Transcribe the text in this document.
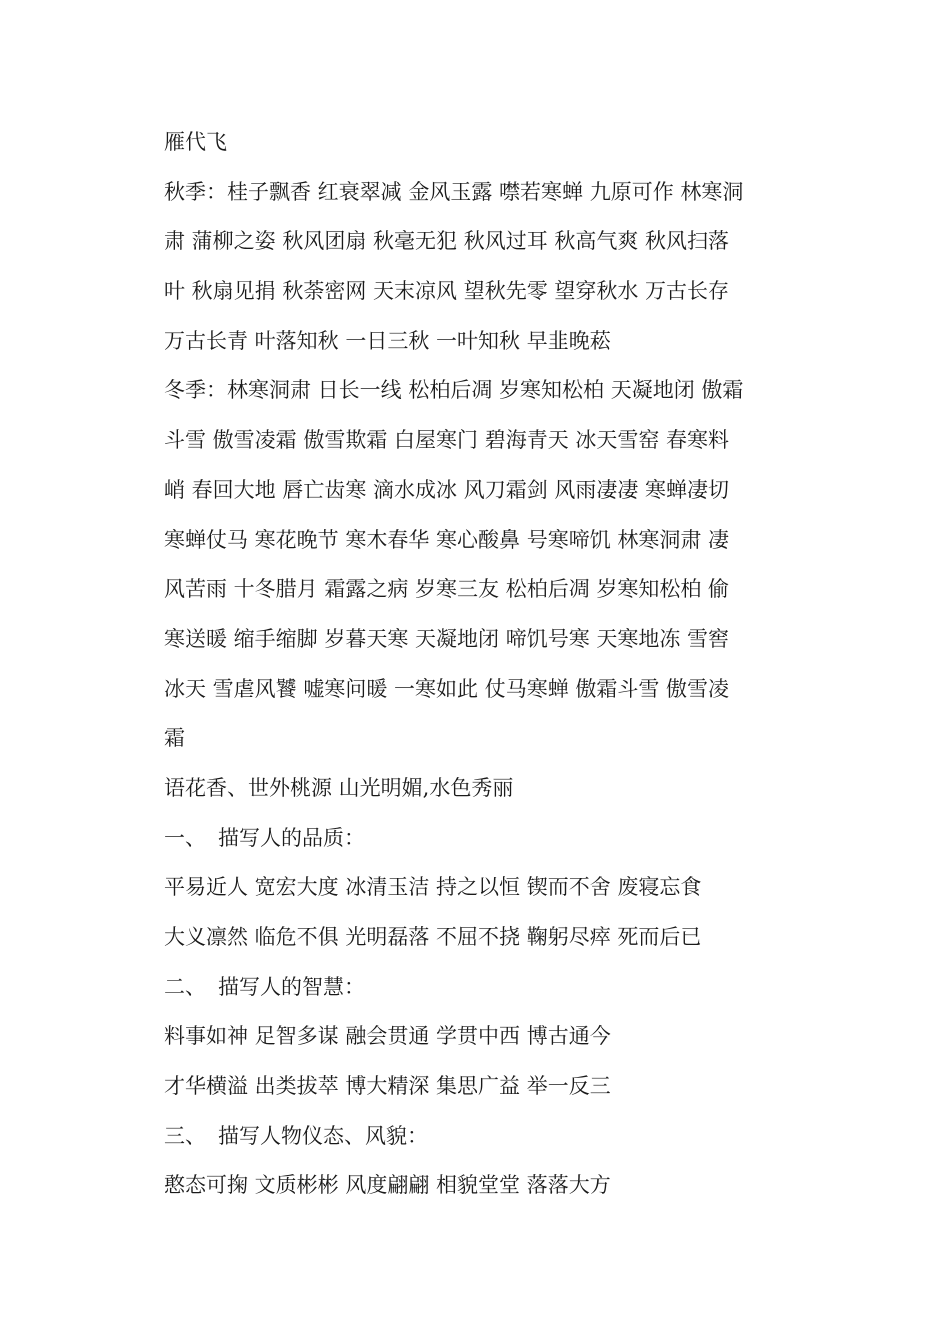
雁代飞
秋季：桂子飘香 红衰翠减 金风玉露 噤若寒蝉 九原可作 林寒洞
肃 蒲柳之姿 秋风团扇 秋毫无犯 秋风过耳 秋高气爽 秋风扫落
叶 秋扇见捐 秋荼密网 天末凉风 望秋先零 望穿秋水 万古长存
万古长青 叶落知秋 一日三秋 一叶知秋 早韭晚菘
冬季：林寒洞肃 日长一线 松柏后凋 岁寒知松柏 天凝地闭 傲霜
斗雪 傲雪凌霜 傲雪欺霜 白屋寒门 碧海青天 冰天雪窑 春寒料
峭 春回大地 唇亡齿寒 滴水成冰 风刀霜剑 风雨凄凄 寒蝉凄切
寒蝉仗马 寒花晚节 寒木春华 寒心酸鼻 号寒啼饥 林寒洞肃 凄
风苦雨 十冬腊月 霜露之病 岁寒三友 松柏后凋 岁寒知松柏 偷
寒送暖 缩手缩脚 岁暮天寒 天凝地闭 啼饥号寒 天寒地冻 雪窖
冰天 雪虐风饕 嘘寒问暖 一寒如此 仗马寒蝉 傲霜斗雪 傲雪凌
霜
语花香、世外桃源 山光明媚,水色秀丽
一、 描写人的品质：
平易近人 宽宏大度 冰清玉洁 持之以恒 锲而不舍 废寝忘食
大义凛然 临危不俱 光明磊落 不屈不挠 鞠躬尽瘁 死而后已
二、 描写人的智慧：
料事如神 足智多谋 融会贯通 学贯中西 博古通今
才华横溢 出类拔萃 博大精深 集思广益 举一反三
三、 描写人物仪态、风貌：
憨态可掬 文质彬彬 风度翩翩 相貌堂堂 落落大方
